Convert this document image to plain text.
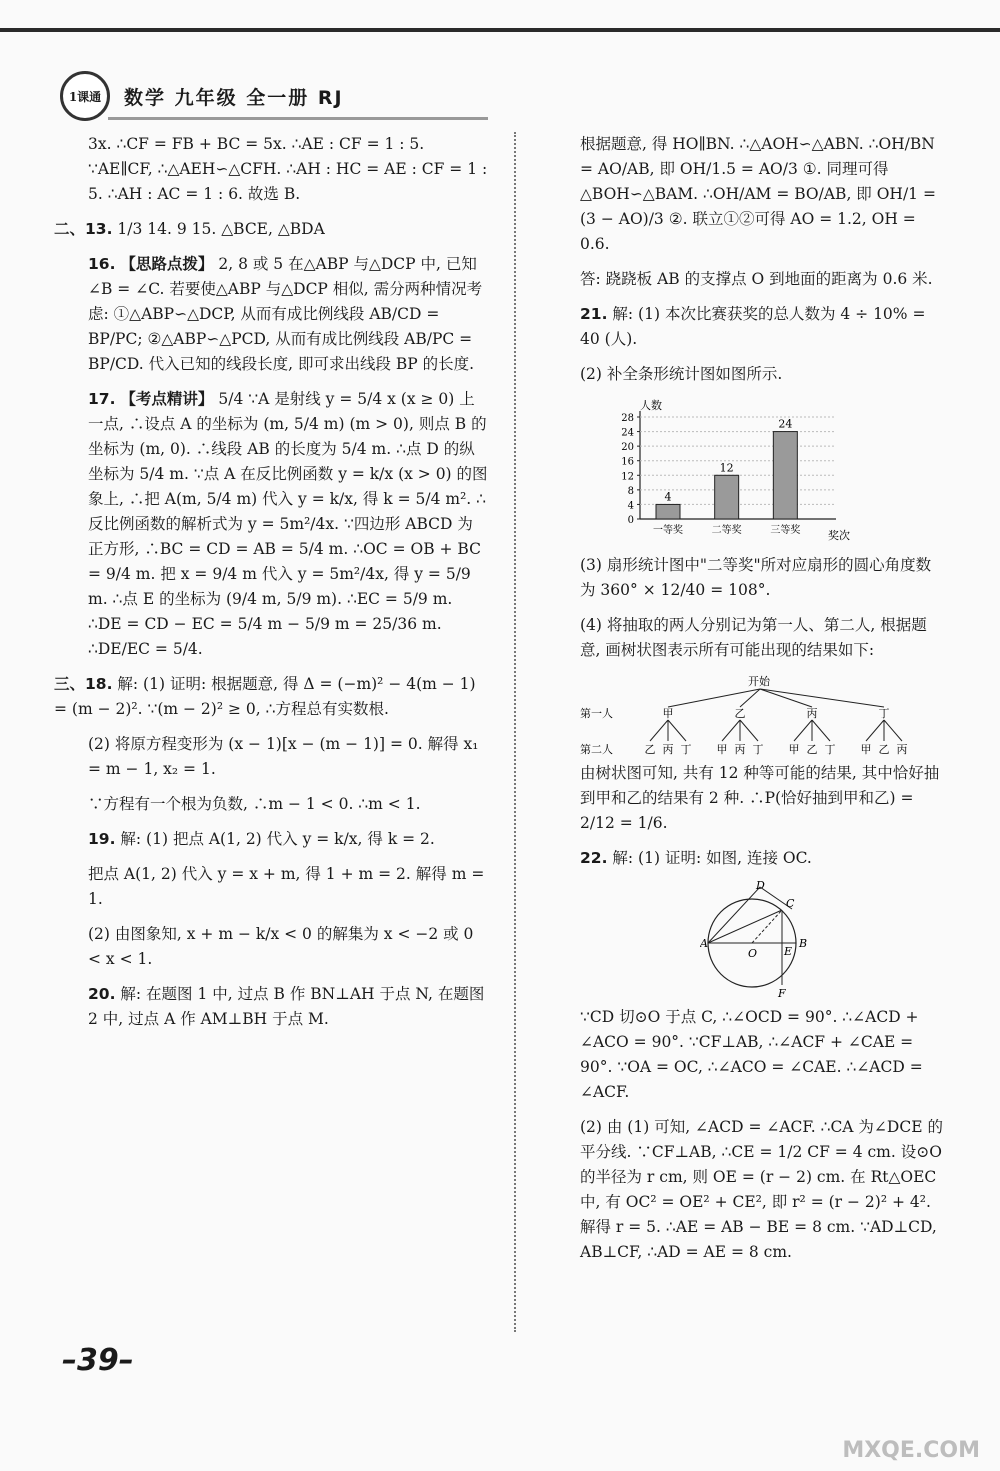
1课通	数学 九年级 全一册 RJ

3x. ∴CF = FB + BC = 5x. ∴AE : CF = 1 : 5. ∵AE∥CF, ∴△AEH∽△CFH. ∴AH : HC = AE : CF = 1 : 5. ∴AH : AC = 1 : 6. 故选 B.

二、13. 1/3 14. 9 15. △BCE, △BDA

16. 【思路点拨】 2, 8 或 5 在△ABP 与△DCP 中, 已知∠B = ∠C. 若要使△ABP 与△DCP 相似, 需分两种情况考虑: ①△ABP∽△DCP, 从而有成比例线段 AB/CD = BP/PC; ②△ABP∽△PCD, 从而有成比例线段 AB/PC = BP/CD. 代入已知的线段长度, 即可求出线段 BP 的长度.

17. 【考点精讲】 5/4 ∵A 是射线 y = 5/4 x (x ≥ 0) 上一点, ∴设点 A 的坐标为 (m, 5/4 m) (m > 0), 则点 B 的坐标为 (m, 0). ∴线段 AB 的长度为 5/4 m. ∴点 D 的纵坐标为 5/4 m. ∵点 A 在反比例函数 y = k/x (x > 0) 的图象上, ∴把 A(m, 5/4 m) 代入 y = k/x, 得 k = 5/4 m². ∴反比例函数的解析式为 y = 5m²/4x. ∵四边形 ABCD 为正方形, ∴BC = CD = AB = 5/4 m. ∴OC = OB + BC = 9/4 m. 把 x = 9/4 m 代入 y = 5m²/4x, 得 y = 5/9 m. ∴点 E 的坐标为 (9/4 m, 5/9 m). ∴EC = 5/9 m. ∴DE = CD − EC = 5/4 m − 5/9 m = 25/36 m. ∴DE/EC = 5/4.

三、18. 解: (1) 证明: 根据题意, 得 Δ = (−m)² − 4(m − 1) = (m − 2)². ∵(m − 2)² ≥ 0, ∴方程总有实数根.

(2) 将原方程变形为 (x − 1)[x − (m − 1)] = 0. 解得 x₁ = m − 1, x₂ = 1.

∵方程有一个根为负数, ∴m − 1 < 0. ∴m < 1.

19. 解: (1) 把点 A(1, 2) 代入 y = k/x, 得 k = 2.

把点 A(1, 2) 代入 y = x + m, 得 1 + m = 2. 解得 m = 1.

(2) 由图象知, x + m − k/x < 0 的解集为 x < −2 或 0 < x < 1.

20. 解: 在题图 1 中, 过点 B 作 BN⊥AH 于点 N, 在题图 2 中, 过点 A 作 AM⊥BH 于点 M.

根据题意, 得 HO∥BN. ∴△AOH∽△ABN. ∴OH/BN = AO/AB, 即 OH/1.5 = AO/3 ①. 同理可得△BOH∽△BAM. ∴OH/AM = BO/AB, 即 OH/1 = (3 − AO)/3 ②. 联立①②可得 AO = 1.2, OH = 0.6.

答: 跷跷板 AB 的支撑点 O 到地面的距离为 0.6 米.

21. 解: (1) 本次比赛获奖的总人数为 4 ÷ 10% = 40 (人).

(2) 补全条形统计图如图所示.

人数
奖次
0
4
8
12
16
20
24
28
4
一等奖
12
二等奖
24
三等奖

(3) 扇形统计图中"二等奖"所对应扇形的圆心角度数为 360° × 12/40 = 108°.

(4) 将抽取的两人分别记为第一人、第二人, 根据题意, 画树状图表示所有可能出现的结果如下:

开始
第一人
第二人
甲
乙 丙 丁
乙
甲 丙 丁
丙
甲 乙 丁
丁
甲 乙 丙

由树状图可知, 共有 12 种等可能的结果, 其中恰好抽到甲和乙的结果有 2 种. ∴P(恰好抽到甲和乙) = 2/12 = 1/6.

22. 解: (1) 证明: 如图, 连接 OC.

A	B
C
D
E
F
O

∵CD 切⊙O 于点 C, ∴∠OCD = 90°. ∴∠ACD + ∠ACO = 90°. ∵CF⊥AB, ∴∠ACF + ∠CAE = 90°. ∵OA = OC, ∴∠ACO = ∠CAE. ∴∠ACD = ∠ACF.

(2) 由 (1) 可知, ∠ACD = ∠ACF. ∴CA 为∠DCE 的平分线. ∵CF⊥AB, ∴CE = 1/2 CF = 4 cm. 设⊙O 的半径为 r cm, 则 OE = (r − 2) cm. 在 Rt△OEC 中, 有 OC² = OE² + CE², 即 r² = (r − 2)² + 4². 解得 r = 5. ∴AE = AB − BE = 8 cm. ∵AD⊥CD, AB⊥CF, ∴AD = AE = 8 cm.

–39–
MXQE.COM
